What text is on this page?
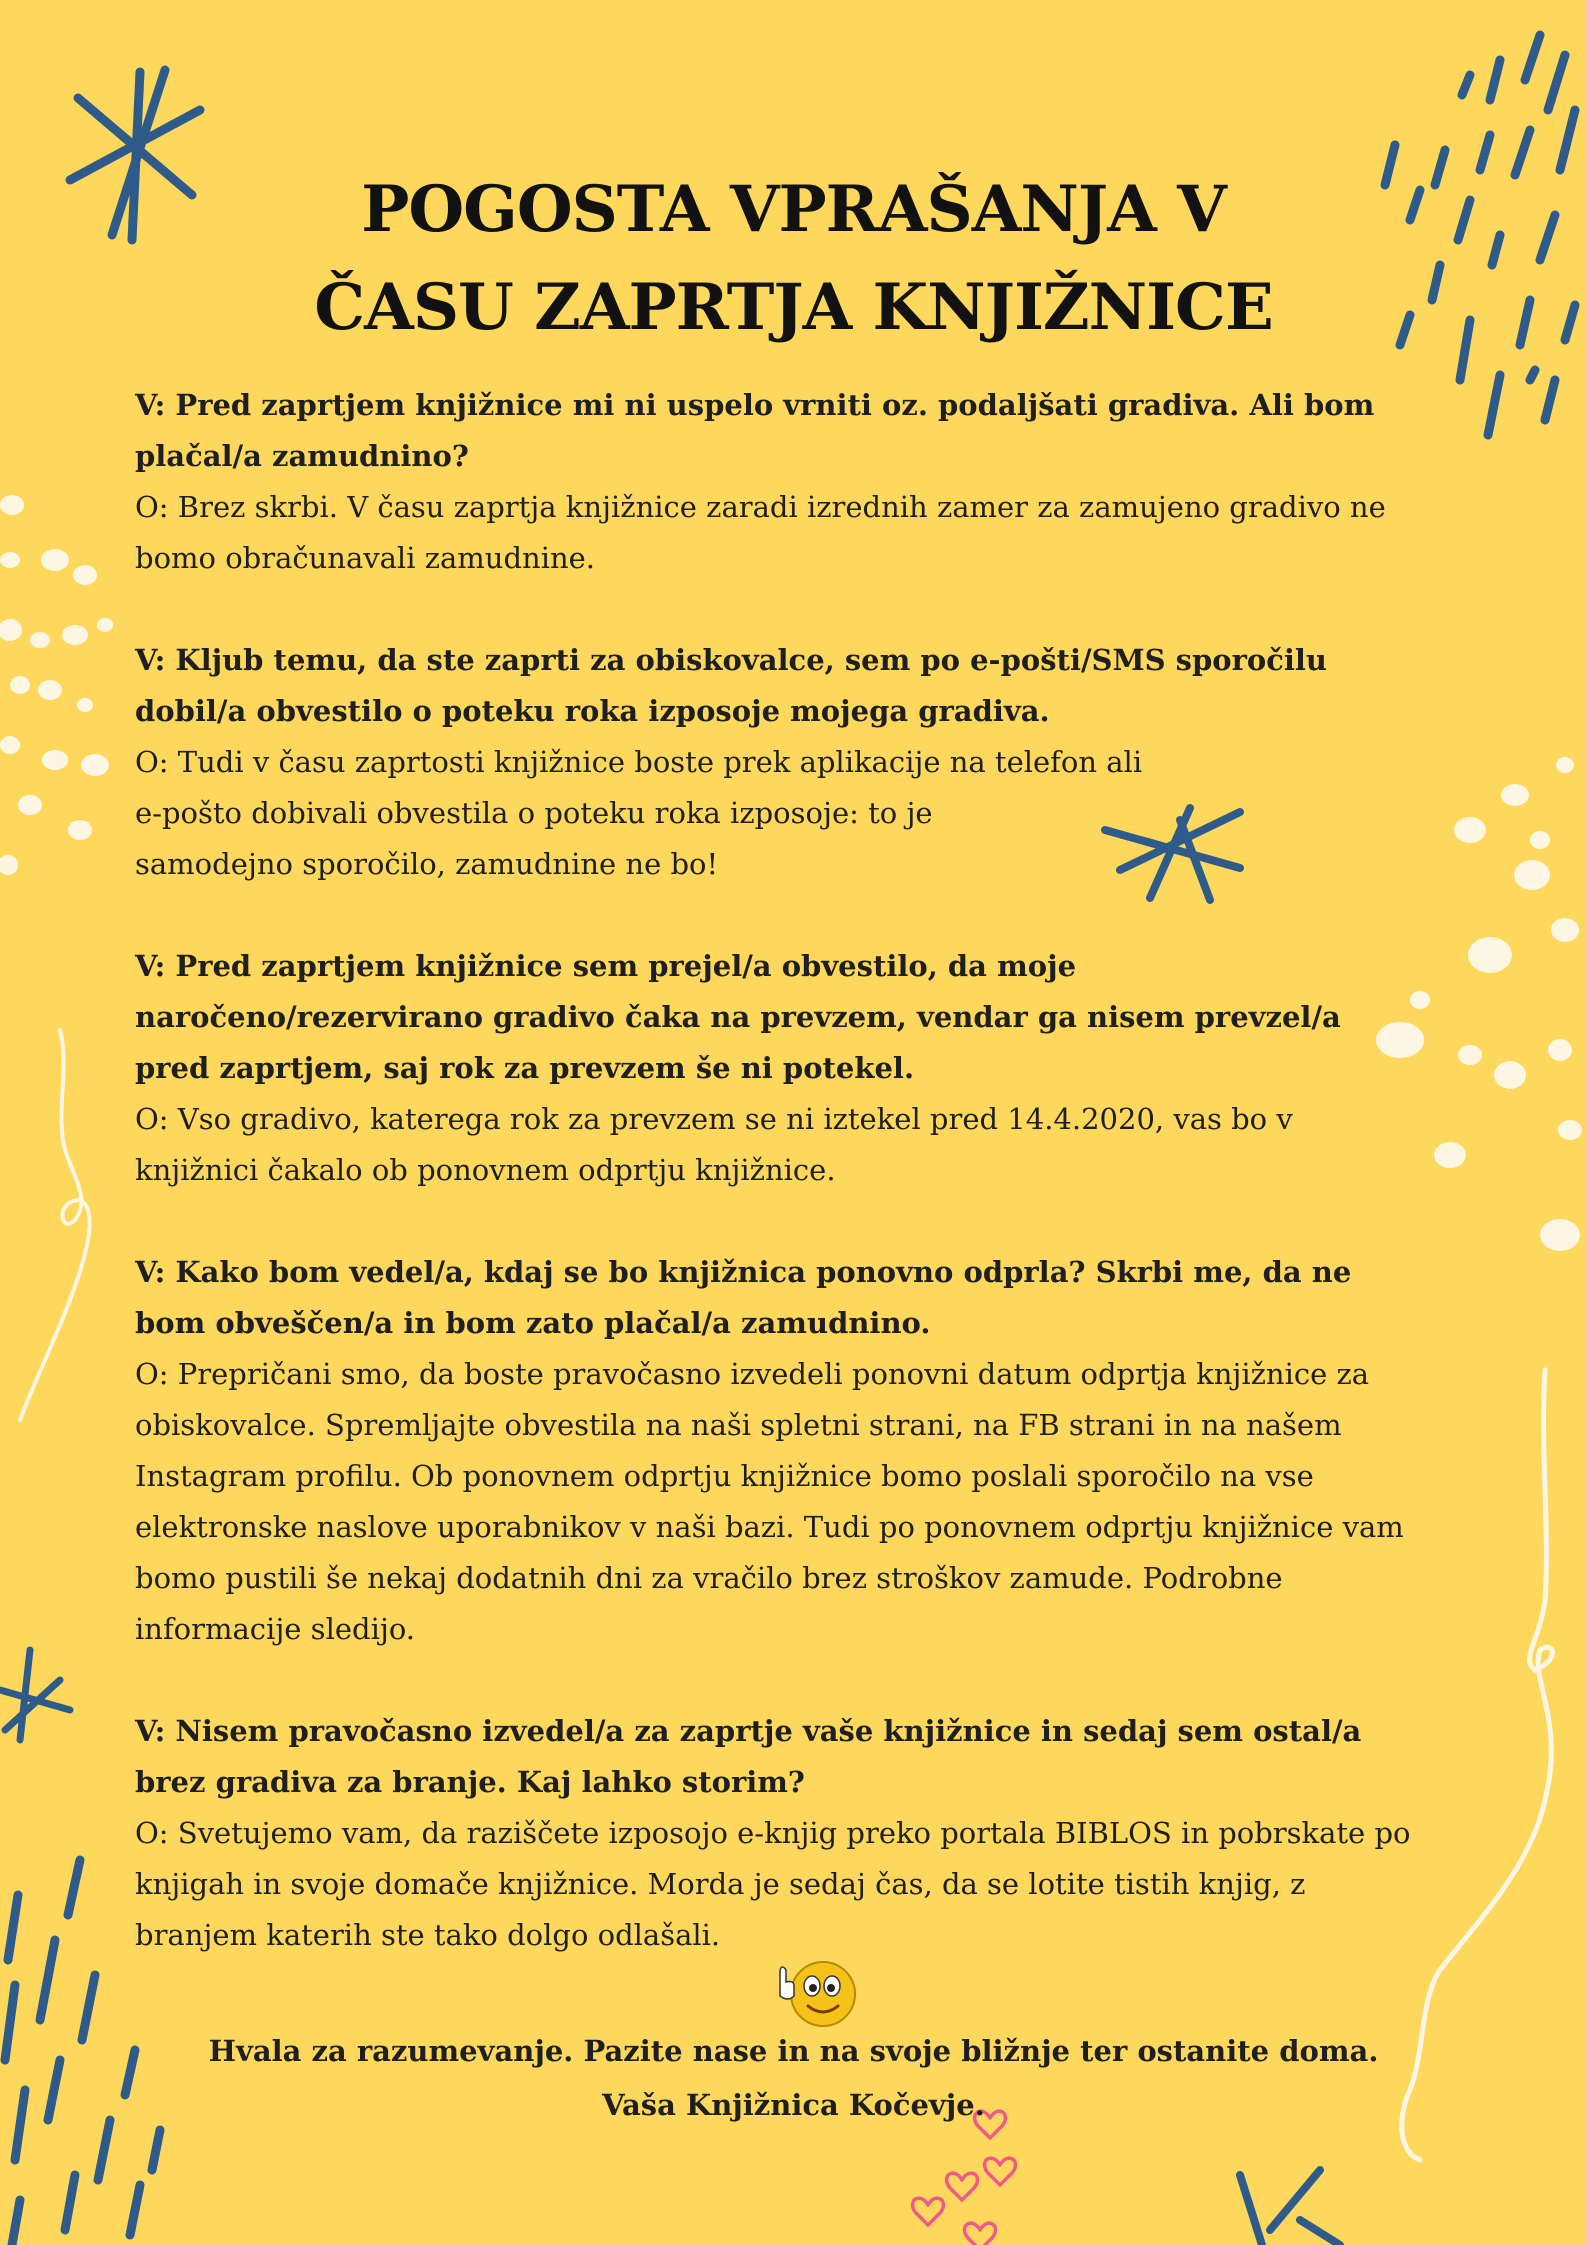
POGOSTA VPRAŠANJA V
ČASU ZAPRTJA KNJIŽNICE

V: Pred zaprtjem knjižnice mi ni uspelo vrniti oz. podaljšati gradiva. Ali bom plačal/a zamudnino?

O: Brez skrbi. V času zaprtja knjižnice zaradi izrednih zamer za zamujeno gradivo ne bomo obračunavali zamudnine.

V: Kljub temu, da ste zaprti za obiskovalce, sem po e-pošti/SMS sporočilu dobil/a obvestilo o poteku roka izposoje mojega gradiva.

O: Tudi v času zaprtosti knjižnice boste prek aplikacije na telefon ali
e-pošto dobivali obvestila o poteku roka izposoje: to je
samodejno sporočilo, zamudnine ne bo!

V: Pred zaprtjem knjižnice sem prejel/a obvestilo, da moje naročeno/rezervirano gradivo čaka na prevzem, vendar ga nisem prevzel/a pred zaprtjem, saj rok za prevzem še ni potekel.

O: Vso gradivo, katerega rok za prevzem se ni iztekel pred 14.4.2020, vas bo v knjižnici čakalo ob ponovnem odprtju knjižnice.

V: Kako bom vedel/a, kdaj se bo knjižnica ponovno odprla? Skrbi me, da ne bom obveščen/a in bom zato plačal/a zamudnino.

O: Prepričani smo, da boste pravočasno izvedeli ponovni datum odprtja knjižnice za obiskovalce. Spremljajte obvestila na naši spletni strani, na FB strani in na našem Instagram profilu. Ob ponovnem odprtju knjižnice bomo poslali sporočilo na vse elektronske naslove uporabnikov v naši bazi. Tudi po ponovnem odprtju knjižnice vam bomo pustili še nekaj dodatnih dni za vračilo brez stroškov zamude. Podrobne informacije sledijo.

V: Nisem pravočasno izvedel/a za zaprtje vaše knjižnice in sedaj sem ostal/a brez gradiva za branje. Kaj lahko storim?

O: Svetujemo vam, da raziščete izposojo e-knjig preko portala BIBLOS in pobrskate po knjigah in svoje domače knjižnice. Morda je sedaj čas, da se lotite tistih knjig, z branjem katerih ste tako dolgo odlašali.

Hvala za razumevanje. Pazite nase in na svoje bližnje ter ostanite doma.

Vaša Knjižnica Kočevje.
